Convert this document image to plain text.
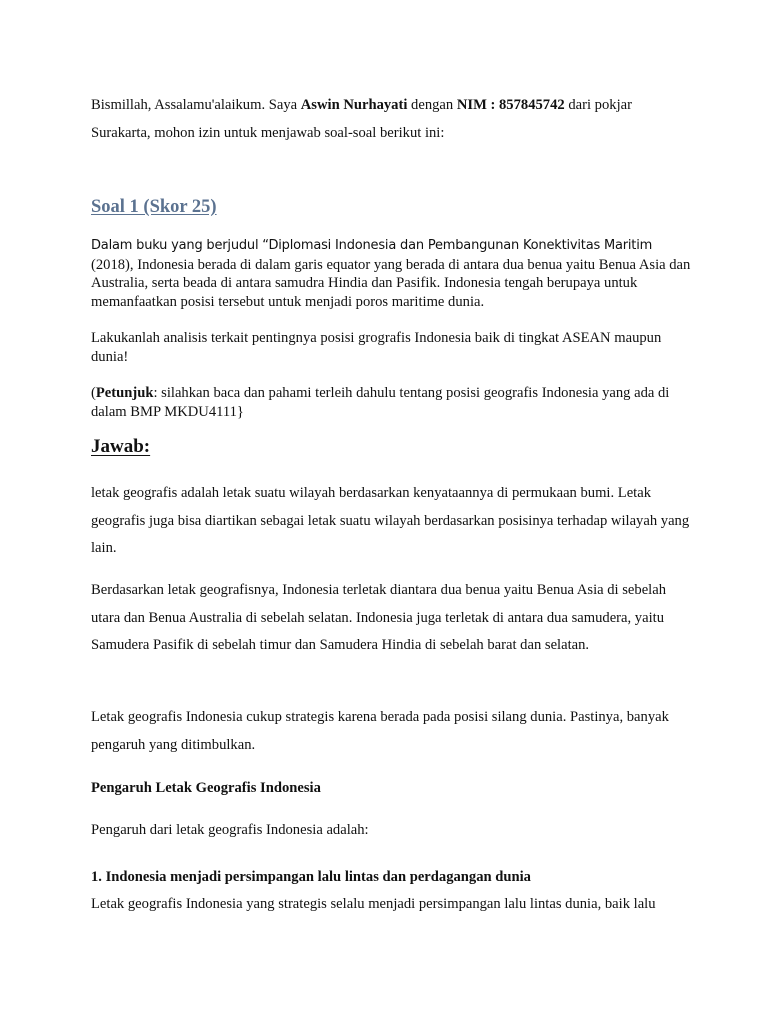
Bismillah, Assalamu'alaikum. Saya Aswin Nurhayati dengan NIM : 857845742 dari pokjar
Surakarta, mohon izin untuk menjawab soal-soal berikut ini:

Soal 1 (Skor 25)

Dalam buku yang berjudul “Diplomasi Indonesia dan Pembangunan Konektivitas Maritim
(2018), Indonesia berada di dalam garis equator yang berada di antara dua benua yaitu Benua Asia dan Australia, serta beada di antara samudra Hindia dan Pasifik. Indonesia tengah berupaya untuk memanfaatkan posisi tersebut untuk menjadi poros maritime dunia.

Lakukanlah analisis terkait pentingnya posisi grografis Indonesia baik di tingkat ASEAN maupun dunia!

(Petunjuk: silahkan baca dan pahami terleih dahulu tentang posisi geografis Indonesia yang ada di dalam BMP MKDU4111}

Jawab:

letak geografis adalah letak suatu wilayah berdasarkan kenyataannya di permukaan bumi. Letak geografis juga bisa diartikan sebagai letak suatu wilayah berdasarkan posisinya terhadap wilayah yang lain.

Berdasarkan letak geografisnya, Indonesia terletak diantara dua benua yaitu Benua Asia di sebelah utara dan Benua Australia di sebelah selatan. Indonesia juga terletak di antara dua samudera, yaitu Samudera Pasifik di sebelah timur dan Samudera Hindia di sebelah barat dan selatan.

Letak geografis Indonesia cukup strategis karena berada pada posisi silang dunia. Pastinya, banyak pengaruh yang ditimbulkan.

Pengaruh Letak Geografis Indonesia

Pengaruh dari letak geografis Indonesia adalah:

1. Indonesia menjadi persimpangan lalu lintas dan perdagangan dunia

Letak geografis Indonesia yang strategis selalu menjadi persimpangan lalu lintas dunia, baik lalu
